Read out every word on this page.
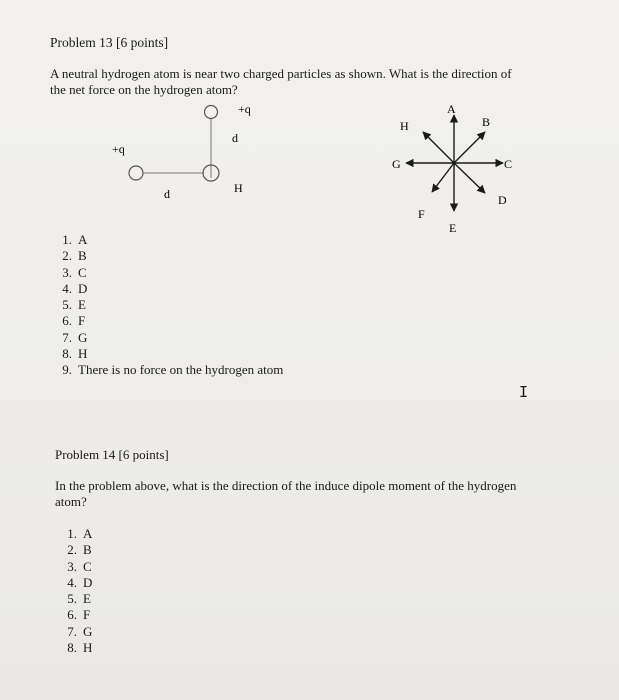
Problem 13 [6 points]
A neutral hydrogen atom is near two charged particles as shown. What is the direction of
the net force on the hydrogen atom?
+q
+q
d
d	H
A
B
C
D
E
F
G
H
1. A
2. B
3. C
4. D
5. E
6. F
7. G
8. H
9. There is no force on the hydrogen atom
I
Problem 14 [6 points]
In the problem above, what is the direction of the induce dipole moment of the hydrogen
atom?
1. A
2. B
3. C
4. D
5. E
6. F
7. G
8. H
